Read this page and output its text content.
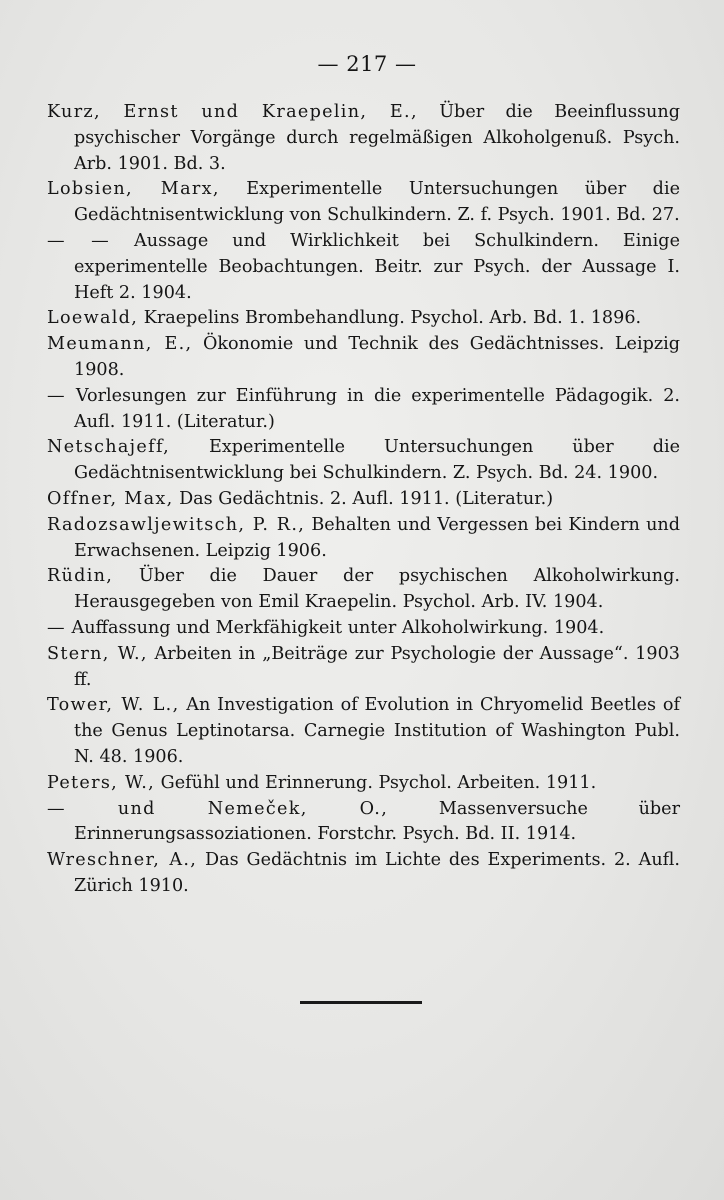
— 217 —

Kurz, Ernst und Kraepelin, E., Über die Beeinflussung psychischer Vorgänge durch regelmäßigen Alkoholgenuß. Psych. Arb. 1901. Bd. 3.

Lobsien, Marx, Experimentelle Untersuchungen über die Gedächtnisentwicklung von Schulkindern. Z. f. Psych. 1901. Bd. 27.

— — Aussage und Wirklichkeit bei Schulkindern. Einige experimentelle Beobachtungen. Beitr. zur Psych. der Aussage I. Heft 2. 1904.

Loewald, Kraepelins Brombehandlung. Psychol. Arb. Bd. 1. 1896.

Meumann, E., Ökonomie und Technik des Gedächtnisses. Leipzig 1908.

— Vorlesungen zur Einführung in die experimentelle Pädagogik. 2. Aufl. 1911. (Literatur.)

Netschajeff, Experimentelle Untersuchungen über die Gedächtnisentwicklung bei Schulkindern. Z. Psych. Bd. 24. 1900.

Offner, Max, Das Gedächtnis. 2. Aufl. 1911. (Literatur.)

Radozsawljewitsch, P. R., Behalten und Vergessen bei Kindern und Erwachsenen. Leipzig 1906.

Rüdin, Über die Dauer der psychischen Alkoholwirkung. Herausgegeben von Emil Kraepelin. Psychol. Arb. IV. 1904.

— Auffassung und Merkfähigkeit unter Alkoholwirkung. 1904.

Stern, W., Arbeiten in „Beiträge zur Psychologie der Aussage“. 1903 ff.

Tower, W. L., An Investigation of Evolution in Chryomelid Beetles of the Genus Leptinotarsa. Carnegie Institution of Washington Publ. N. 48. 1906.

Peters, W., Gefühl und Erinnerung. Psychol. Arbeiten. 1911.

— und Nemeček, O., Massenversuche über Erinnerungsassoziationen. Forstchr. Psych. Bd. II. 1914.

Wreschner, A., Das Gedächtnis im Lichte des Experiments. 2. Aufl. Zürich 1910.
